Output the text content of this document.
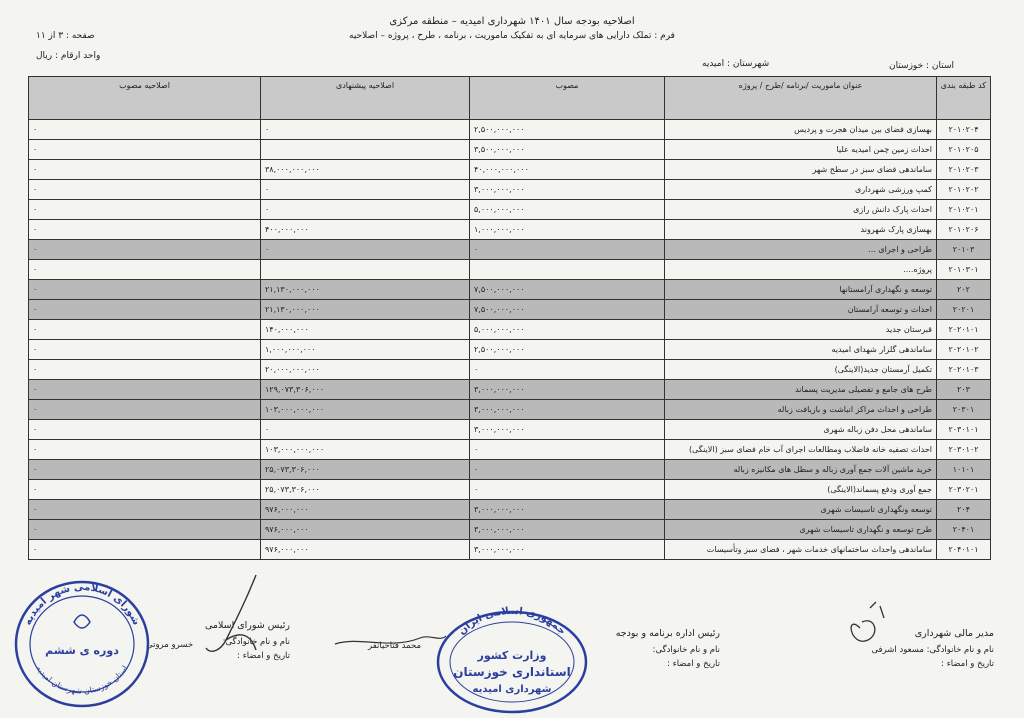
اصلاحیه بودجه سال ۱۴۰۱ شهرداری امیدیه – منطقه مرکزی
فرم : تملک دارایی های سرمایه ای به تفکیک ماموریت ، برنامه ، طرح ، پروژه – اصلاحیه
صفحه : ۳ از ۱۱
واحد ارقام : ریال
استان : خوزستان
شهرستان : امیدیه
کد طبقه بندی	عنوان ماموریت /برنامه /طرح / پروژه	مصوب	اصلاحیه پیشنهادی	اصلاحیه مصوب
۲۰۱۰۲۰۴	بهسازی فضای بین میدان هجرت و پردیس	۲,۵۰۰,۰۰۰,۰۰۰	۰	۰
۲۰۱۰۲۰۵	احداث زمین چمن امیدیه علیا	۳,۵۰۰,۰۰۰,۰۰۰		۰
۲۰۱۰۲۰۳	ساماندهی فضای سبز در سطح شهر	۴۰,۰۰۰,۰۰۰,۰۰۰	۳۸,۰۰۰,۰۰۰,۰۰۰	۰
۲۰۱۰۲۰۲	کمپ ورزشی شهرداری	۳,۰۰۰,۰۰۰,۰۰۰	۰	۰
۲۰۱۰۲۰۱	احداث پارک دانش رازی	۵,۰۰۰,۰۰۰,۰۰۰	۰	۰
۲۰۱۰۲۰۶	بهسازی پارک شهروند	۱,۰۰۰,۰۰۰,۰۰۰	۴۰۰,۰۰۰,۰۰۰	۰
۲۰۱۰۳	طراحی و اجرای ...	۰	۰	۰
۲۰۱۰۳۰۱	پروژه....			۰
۲۰۲	توسعه و نگهداری آرامستانها	۷,۵۰۰,۰۰۰,۰۰۰	۲۱,۱۳۰,۰۰۰,۰۰۰	۰
۲۰۲۰۱	احداث و توسعه آرامستان	۷,۵۰۰,۰۰۰,۰۰۰	۲۱,۱۳۰,۰۰۰,۰۰۰	۰
۲۰۲۰۱۰۱	قبرستان جدید	۵,۰۰۰,۰۰۰,۰۰۰	۱۴۰,۰۰۰,۰۰۰	۰
۲۰۲۰۱۰۲	ساماندهی گلزار شهدای امیدیه	۲,۵۰۰,۰۰۰,۰۰۰	۱,۰۰۰,۰۰۰,۰۰۰	۰
۲۰۲۰۱۰۳	تکمیل آرمستان جدید(الاینگی)	۰	۲۰,۰۰۰,۰۰۰,۰۰۰	۰
۲۰۳	طرح های جامع و تفصیلی مدیریت پسماند	۳,۰۰۰,۰۰۰,۰۰۰	۱۲۹,۰۷۳,۳۰۶,۰۰۰	۰
۲۰۳۰۱	طراحی و احداث مراکز انباشت و بازیافت زباله	۳,۰۰۰,۰۰۰,۰۰۰	۱۰۳,۰۰۰,۰۰۰,۰۰۰	۰
۲۰۳۰۱۰۱	ساماندهی محل دفن زباله شهری	۳,۰۰۰,۰۰۰,۰۰۰	۰	۰
۲۰۳۰۱۰۲	احداث تصفیه خانه فاضلاب ومطالعات اجرای آب خام فضای سبز (الاینگی)	۰	۱۰۳,۰۰۰,۰۰۰,۰۰۰	۰
۱۰۱۰۱	خرید ماشین آلات جمع آوری زباله و سطل های مکانیزه زباله	۰	۲۵,۰۷۳,۳۰۶,۰۰۰	۰
۲۰۳۰۲۰۱	جمع آوری ودفع پسماند(الاینگی)	۰	۲۵,۰۷۳,۳۰۶,۰۰۰	۰
۲۰۴	توسعه ونگهداری تاسیسات شهری	۳,۰۰۰,۰۰۰,۰۰۰	۹۷۶,۰۰۰,۰۰۰	۰
۲۰۴۰۱	طرح توسعه و نگهداری تاسیسات شهری	۳,۰۰۰,۰۰۰,۰۰۰	۹۷۶,۰۰۰,۰۰۰	۰
۲۰۴۰۱۰۱	ساماندهی واحداث ساختمانهای خدمات شهر ، فضای سبز وتأسیسات	۳,۰۰۰,۰۰۰,۰۰۰	۹۷۶,۰۰۰,۰۰۰	۰
مدیر مالی شهرداری
نام و نام خانوادگی: مسعود اشرفی
تاریخ و امضاء :
رئیس اداره برنامه و بودجه
نام و نام خانوادگی:
تاریخ و امضاء :
محمد فتاحیانفر
رئیس شورای اسلامی
نام و نام خانوادگی:
تاریخ و امضاء :
خسرو مروتی
شورای اسلامی شهر امیدیه
استان خوزستان شهرستان امیدیه
دوره ی ششم
جمهوری اسلامی ایران
وزارت کشور
استانداری خوزستان
شهرداری امیدیه
